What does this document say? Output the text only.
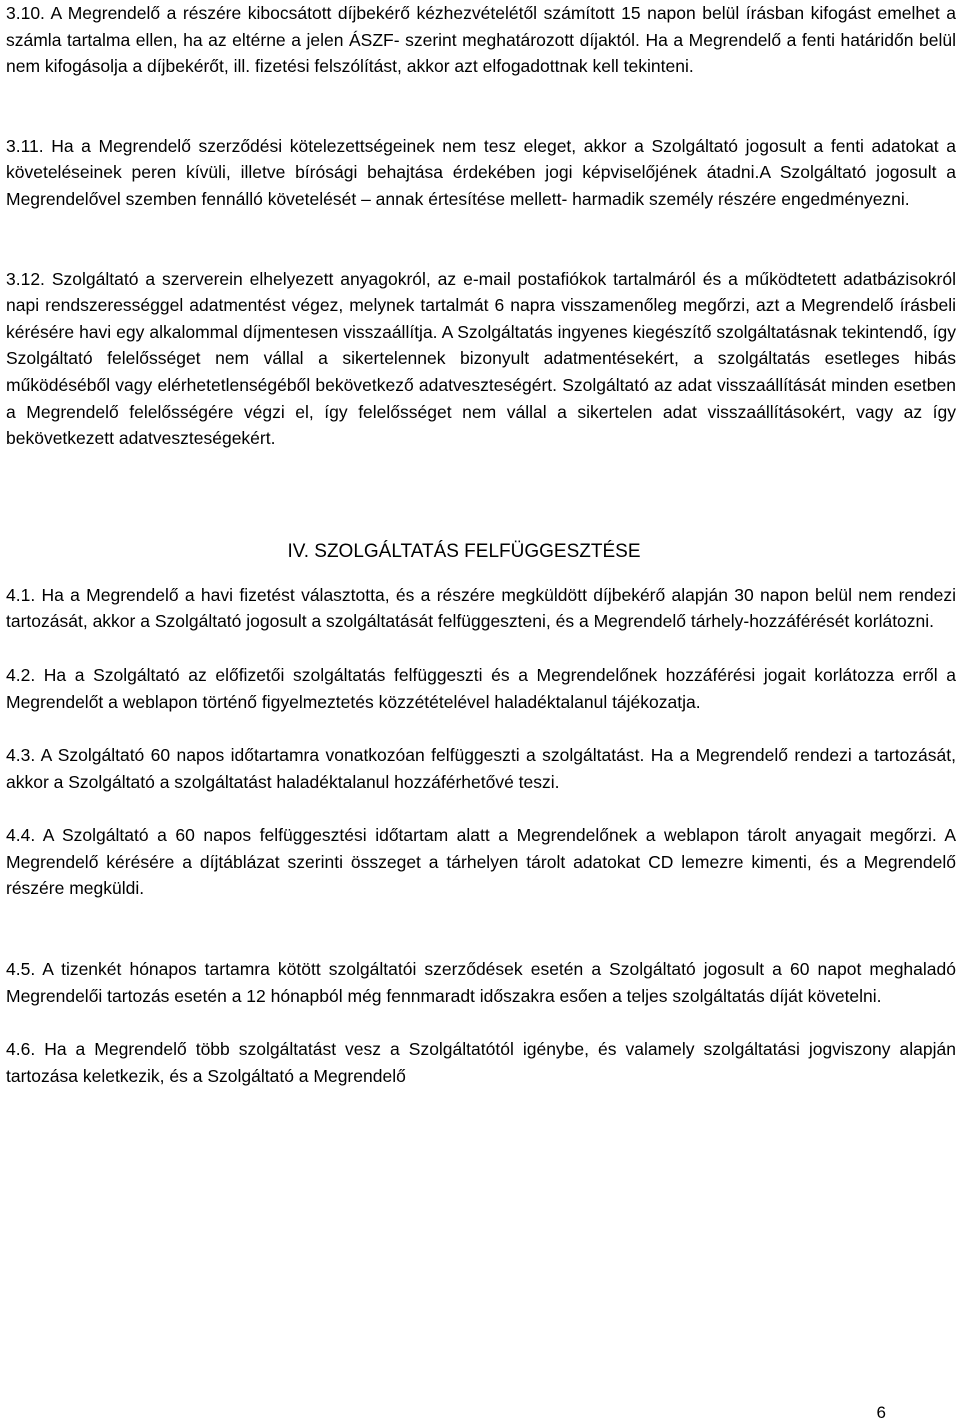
3.10. A Megrendelő a részére kibocsátott díjbekérő kézhezvételétől számított 15 napon belül írásban kifogást emelhet a számla tartalma ellen, ha az eltérne a jelen ÁSZF- szerint meghatározott díjaktól. Ha a Megrendelő a fenti határidőn belül nem kifogásolja a díjbekérőt, ill. fizetési felszólítást, akkor azt elfogadottnak kell tekinteni.

3.11. Ha a Megrendelő szerződési kötelezettségeinek nem tesz eleget, akkor a Szolgáltató jogosult a fenti adatokat a követeléseinek peren kívüli, illetve bírósági behajtása érdekében jogi képviselőjének átadni.A Szolgáltató jogosult a Megrendelővel szemben fennálló követelését – annak értesítése mellett- harmadik személy részére engedményezni.

3.12. Szolgáltató a szerverein elhelyezett anyagokról, az e-mail postafiókok tartalmáról és a működtetett adatbázisokról napi rendszerességgel adatmentést végez, melynek tartalmát 6 napra visszamenőleg megőrzi, azt a Megrendelő írásbeli kérésére havi egy alkalommal díjmentesen visszaállítja. A Szolgáltatás ingyenes kiegészítő szolgáltatásnak tekintendő, így Szolgáltató felelősséget nem vállal a sikertelennek bizonyult adatmentésekért, a szolgáltatás esetleges hibás működéséből vagy elérhetetlenségéből bekövetkező adatveszteségért. Szolgáltató az adat visszaállítását minden esetben a Megrendelő felelősségére végzi el, így felelősséget nem vállal a sikertelen adat visszaállításokért, vagy az így bekövetkezett adatveszteségekért.

IV. SZOLGÁLTATÁS FELFÜGGESZTÉSE

4.1. Ha a Megrendelő a havi fizetést választotta, és a részére megküldött díjbekérő alapján 30 napon belül nem rendezi tartozását, akkor a Szolgáltató jogosult a szolgáltatását felfüggeszteni, és a Megrendelő tárhely-hozzáférését korlátozni.

4.2. Ha a Szolgáltató az előfizetői szolgáltatás felfüggeszti és a Megrendelőnek hozzáférési jogait korlátozza erről a Megrendelőt a weblapon történő figyelmeztetés közzétételével haladéktalanul tájékozatja.

4.3. A Szolgáltató 60 napos időtartamra vonatkozóan felfüggeszti a szolgáltatást. Ha a Megrendelő rendezi a tartozását, akkor a Szolgáltató a szolgáltatást haladéktalanul hozzáférhetővé teszi.

4.4. A Szolgáltató a 60 napos felfüggesztési időtartam alatt a Megrendelőnek a weblapon tárolt anyagait megőrzi. A Megrendelő kérésére a díjtáblázat szerinti összeget a tárhelyen tárolt adatokat CD lemezre kimenti, és a Megrendelő részére megküldi.

4.5. A tizenkét hónapos tartamra kötött szolgáltatói szerződések esetén a Szolgáltató jogosult a 60 napot meghaladó Megrendelői tartozás esetén a 12 hónapból még fennmaradt időszakra esően a teljes szolgáltatás díját követelni.

4.6. Ha a Megrendelő több szolgáltatást vesz a Szolgáltatótól igénybe, és valamely szolgáltatási jogviszony alapján tartozása keletkezik, és a Szolgáltató a Megrendelő

6
